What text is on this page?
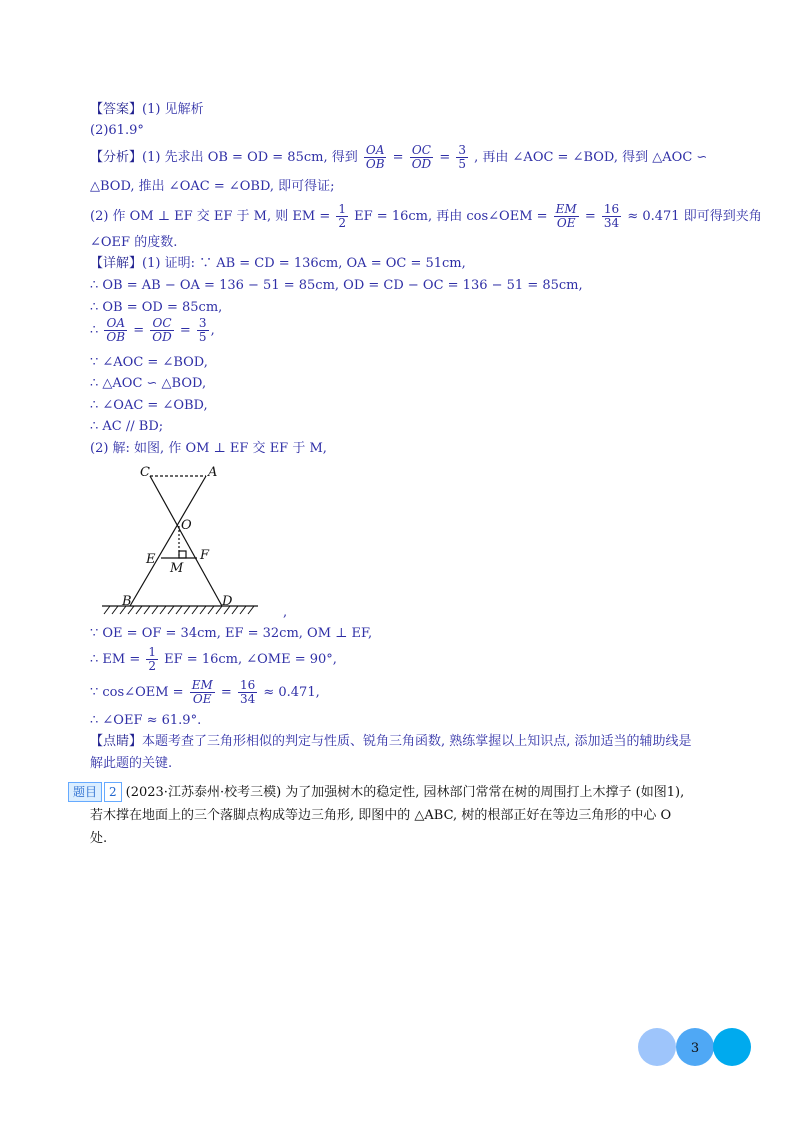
【答案】(1) 见解析
(2)61.9°
【分析】(1) 先求出 OB = OD = 85cm, 得到 $\frac{OA}{OB} = \frac{OC}{OD} = \frac{3}{5}$ , 再由 ∠AOC = ∠BOD, 得到 △AOC ∽
△BOD, 推出 ∠OAC = ∠OBD, 即可得证;
(2) 作 OM ⊥ EF 交 EF 于 M, 则 EM = $\frac{1}{2}$ EF = 16cm, 再由 cos∠OEM = $\frac{EM}{OE} = \frac{16}{34} \approx 0.471$ 即可得到夹角
∠OEF 的度数.
【详解】(1) 证明: ∵ AB = CD = 136cm, OA = OC = 51cm,
∴ OB = AB − OA = 136 − 51 = 85cm, OD = CD − OC = 136 − 51 = 85cm,
∴ OB = OD = 85cm,
∴ $\frac{OA}{OB} = \frac{OC}{OD} = \frac{3}{5}$ ,
∵ ∠AOC = ∠BOD,
∴ △AOC ∽ △BOD,
∴ ∠OAC = ∠OBD,
∴ AC // BD;
(2) 解: 如图, 作 OM ⊥ EF 交 EF 于 M,
,
∵ OE = OF = 34cm, EF = 32cm, OM ⊥ EF,
∴ EM = $\frac{1}{2}$ EF = 16cm, ∠OME = 90°,
∵ cos∠OEM = $\frac{EM}{OE} = \frac{16}{34} \approx 0.471$,
∴ ∠OEF ≈ 61.9°.
【点睛】本题考查了三角形相似的判定与性质、锐角三角函数, 熟练掌握以上知识点, 添加适当的辅助线是
解此题的关键.
C	A
O
E	F
M
B	D
题目 2 (2023·江苏泰州·校考三模) 为了加强树木的稳定性, 园林部门常常在树的周围打上木撑子 (如图1),
若木撑在地面上的三个落脚点构成等边三角形, 即图中的 △ABC, 树的根部正好在等边三角形的中心 O
处.
3
